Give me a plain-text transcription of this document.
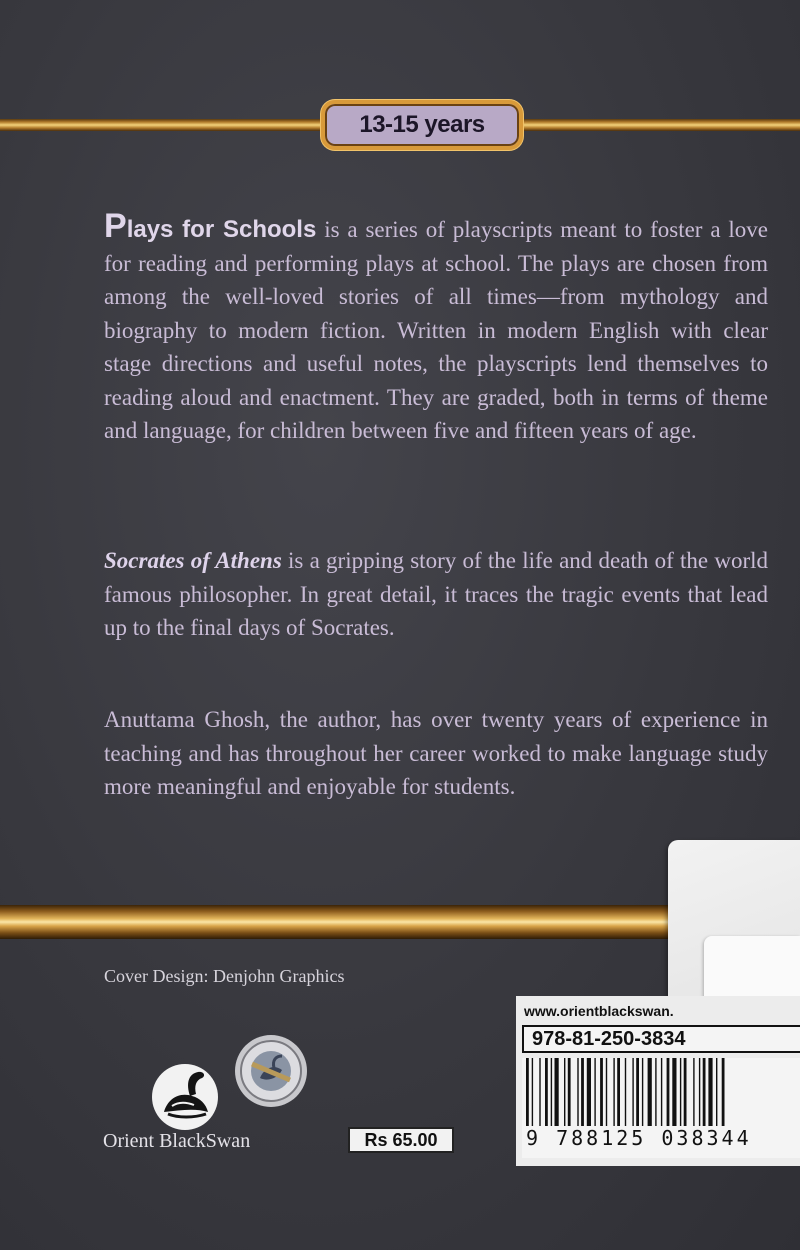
13-15 years

Plays for Schools is a series of playscripts meant to foster a love for reading and performing plays at school. The plays are chosen from among the well-loved stories of all times—from mythology and biography to modern fiction. Written in modern English with clear stage directions and useful notes, the playscripts lend themselves to reading aloud and enactment. They are graded, both in terms of theme and language, for children between five and fifteen years of age.

Socrates of Athens is a gripping story of the life and death of the world famous philosopher. In great detail, it traces the tragic events that lead up to the final days of Socrates.

Anuttama Ghosh, the author, has over twenty years of experience in teaching and has throughout her career worked to make language study more meaningful and enjoyable for students.

Cover Design: Denjohn Graphics
Orient BlackSwan	Rs 65.00
www.orientblackswan.
978-81-250-3834
9 788125 038344
